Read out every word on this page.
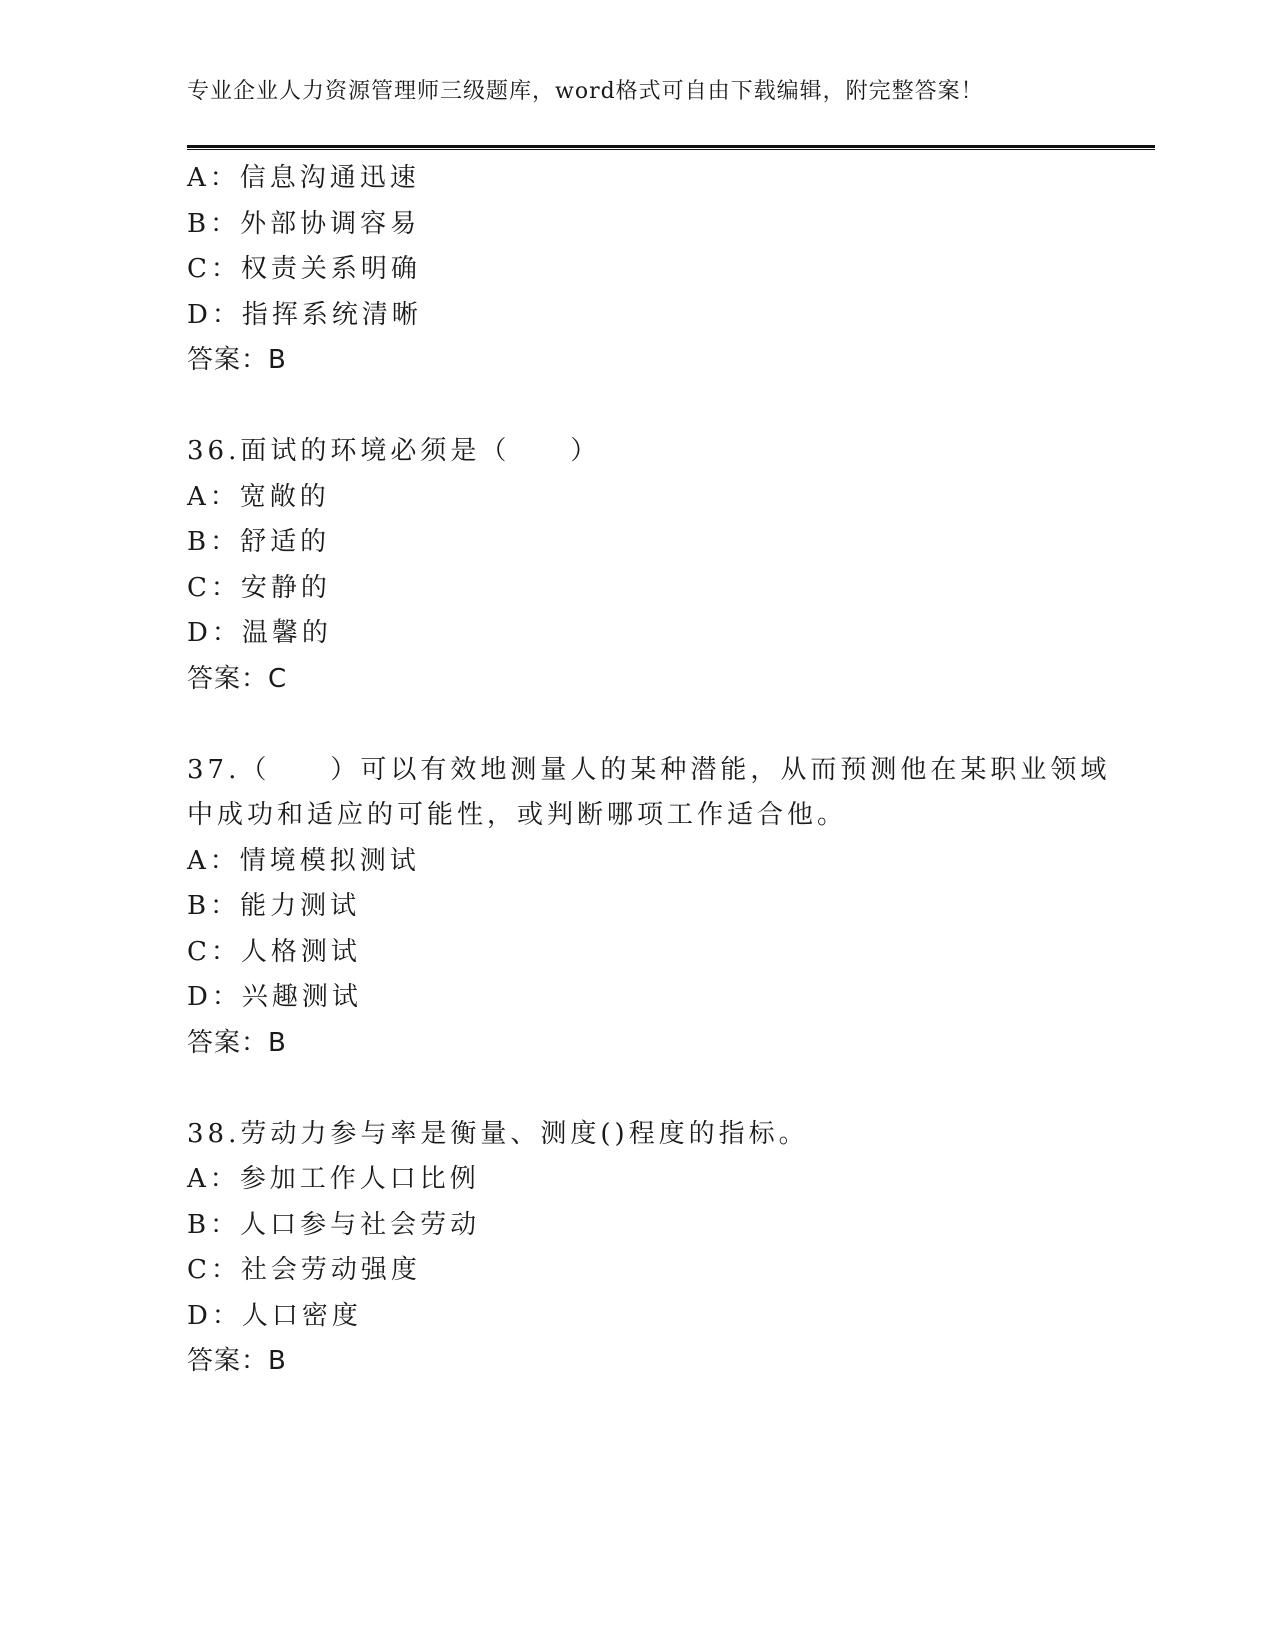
专业企业人力资源管理师三级题库，word格式可自由下载编辑，附完整答案！
A：信息沟通迅速
B：外部协调容易
C：权责关系明确
D：指挥系统清晰
答案：B
36.面试的环境必须是（　　）
A：宽敞的
B：舒适的
C：安静的
D：温馨的
答案：C
37.（　　）可以有效地测量人的某种潜能，从而预测他在某职业领域
中成功和适应的可能性，或判断哪项工作适合他。
A：情境模拟测试
B：能力测试
C：人格测试
D：兴趣测试
答案：B
38.劳动力参与率是衡量、测度()程度的指标。
A：参加工作人口比例
B：人口参与社会劳动
C：社会劳动强度
D：人口密度
答案：B
